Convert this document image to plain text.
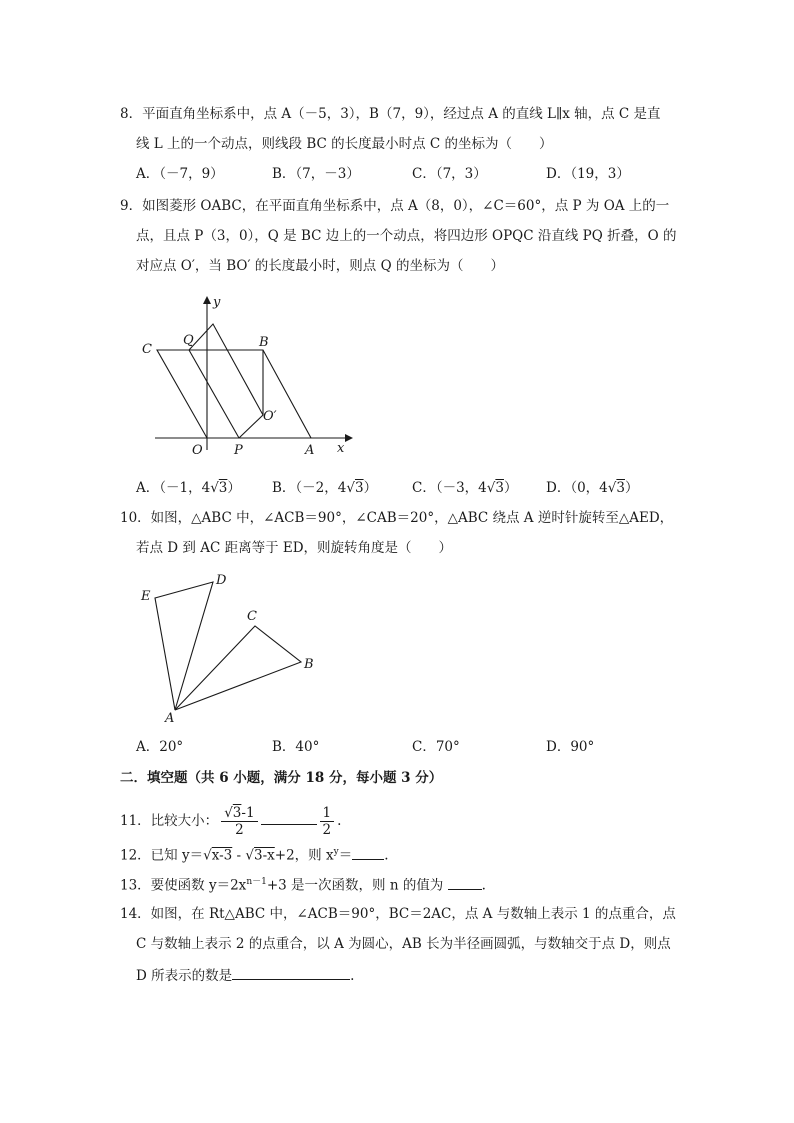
8．平面直角坐标系中，点 A（－5，3），B（7，9），经过点 A 的直线 L∥x 轴，点 C 是直
线 L 上的一个动点，则线段 BC 的长度最小时点 C 的坐标为（　　）
A．（－7，9）	B．（7，－3）	C．（7，3）	D．（19，3）
9．如图菱形 OABC，在平面直角坐标系中，点 A（8，0），∠C＝60°，点 P 为 OA 上的一
点，且点 P（3，0），Q 是 BC 边上的一个动点，将四边形 OPQC 沿直线 PQ 折叠，O 的
对应点 O′，当 BO′ 的长度最小时，则点 Q 的坐标为（　　）
y
x
C
Q	B
O′
O P	A
A．（－1，4√3） B．（－2，4√3）	C．（－3，4√3） D．（0，4√3）
10．如图，△ABC 中，∠ACB＝90°，∠CAB＝20°，△ABC 绕点 A 逆时针旋转至△AED，
若点 D 到 AC 距离等于 ED，则旋转角度是（　　）
E
D
C
B
A
A．20°	B．40°	C．70°	D．90°
二．填空题（共 6 小题，满分 18 分，每小题 3 分）
11．比较大小： $\frac{√3-1}{2}$	$\frac{1}{2}$ .
12．已知 y＝√x-3 - √3-x+2，则 $x^y=$ .
13．要使函数 $y=2x^{n-1}+3$ 是一次函数，则 n 的值为	.
14．如图，在 Rt△ABC 中，∠ACB＝90°，BC＝2AC，点 A 与数轴上表示 1 的点重合，点
C 与数轴上表示 2 的点重合，以 A 为圆心，AB 长为半径画圆弧，与数轴交于点 D，则点
D 所表示的数是	.
